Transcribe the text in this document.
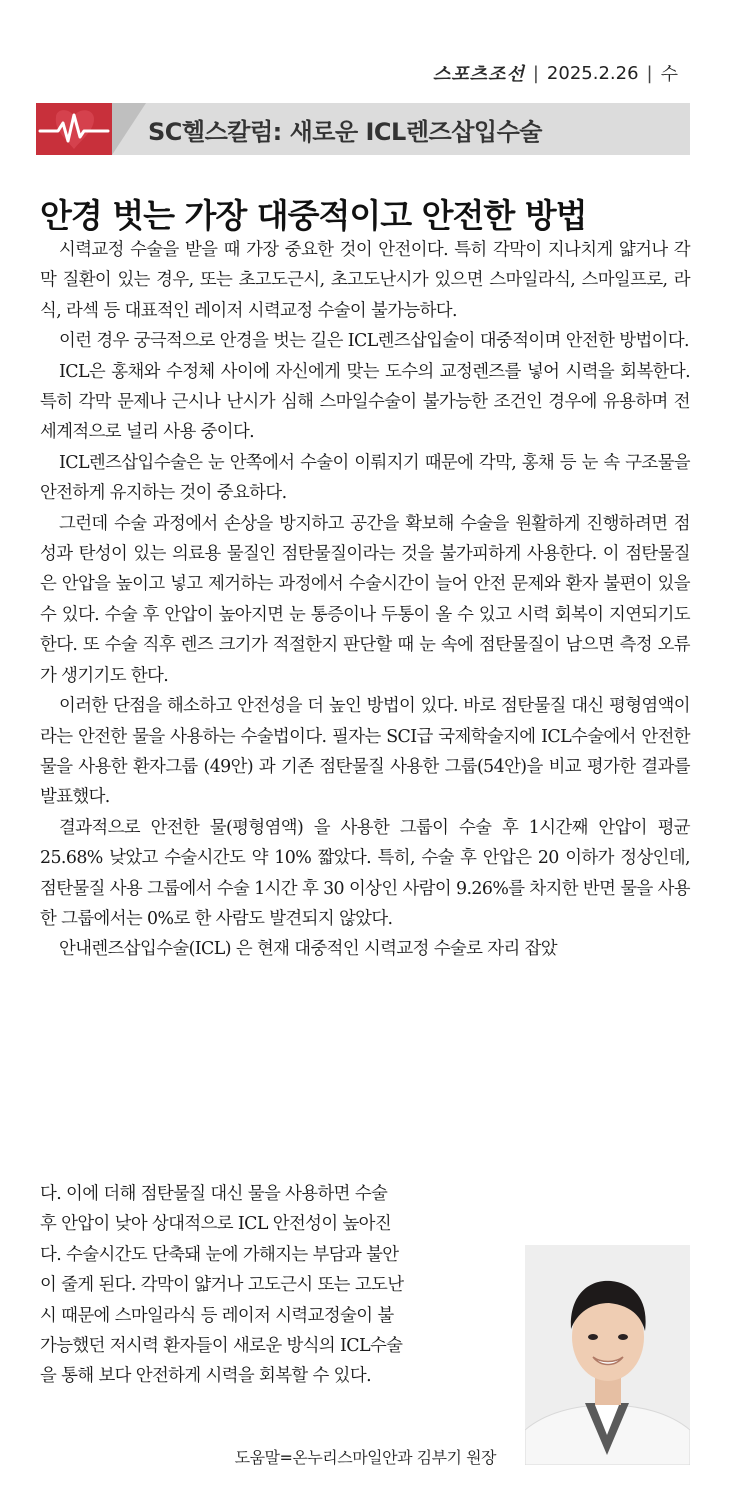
스포츠조선 | 2025.2.26 | 수
SC헬스칼럼: 새로운 ICL렌즈삽입수술
안경 벗는 가장 대중적이고 안전한 방법

시력교정 수술을 받을 때 가장 중요한 것이 안전이다. 특히 각막이 지나치게 얇거나 각막 질환이 있는 경우, 또는 초고도근시, 초고도난시가 있으면 스마일라식, 스마일프로, 라식, 라섹 등 대표적인 레이저 시력교정 수술이 불가능하다.

이런 경우 궁극적으로 안경을 벗는 길은 ICL렌즈삽입술이 대중적이며 안전한 방법이다.

ICL은 홍채와 수정체 사이에 자신에게 맞는 도수의 교정렌즈를 넣어 시력을 회복한다. 특히 각막 문제나 근시나 난시가 심해 스마일수술이 불가능한 조건인 경우에 유용하며 전 세계적으로 널리 사용 중이다.

ICL렌즈삽입수술은 눈 안쪽에서 수술이 이뤄지기 때문에 각막, 홍채 등 눈 속 구조물을 안전하게 유지하는 것이 중요하다.

그런데 수술 과정에서 손상을 방지하고 공간을 확보해 수술을 원활하게 진행하려면 점성과 탄성이 있는 의료용 물질인 점탄물질이라는 것을 불가피하게 사용한다. 이 점탄물질은 안압을 높이고 넣고 제거하는 과정에서 수술시간이 늘어 안전 문제와 환자 불편이 있을 수 있다. 수술 후 안압이 높아지면 눈 통증이나 두통이 올 수 있고 시력 회복이 지연되기도 한다. 또 수술 직후 렌즈 크기가 적절한지 판단할 때 눈 속에 점탄물질이 남으면 측정 오류가 생기기도 한다.

이러한 단점을 해소하고 안전성을 더 높인 방법이 있다. 바로 점탄물질 대신 평형염액이라는 안전한 물을 사용하는 수술법이다. 필자는 SCI급 국제학술지에 ICL수술에서 안전한 물을 사용한 환자그룹 (49안) 과 기존 점탄물질 사용한 그룹(54안)을 비교 평가한 결과를 발표했다.

결과적으로 안전한 물(평형염액) 을 사용한 그룹이 수술 후 1시간째 안압이 평균 25.68% 낮았고 수술시간도 약 10% 짧았다. 특히, 수술 후 안압은 20 이하가 정상인데, 점탄물질 사용 그룹에서 수술 1시간 후 30 이상인 사람이 9.26%를 차지한 반면 물을 사용한 그룹에서는 0%로 한 사람도 발견되지 않았다.

안내렌즈삽입수술(ICL) 은 현재 대중적인 시력교정 수술로 자리 잡았

다. 이에 더해 점탄물질 대신 물을 사용하면 수술
후 안압이 낮아 상대적으로 ICL 안전성이 높아진
다. 수술시간도 단축돼 눈에 가해지는 부담과 불안
이 줄게 된다. 각막이 얇거나 고도근시 또는 고도난
시 때문에 스마일라식 등 레이저 시력교정술이 불
가능했던 저시력 환자들이 새로운 방식의 ICL수술
을 통해 보다 안전하게 시력을 회복할 수 있다.
도움말=온누리스마일안과 김부기 원장
